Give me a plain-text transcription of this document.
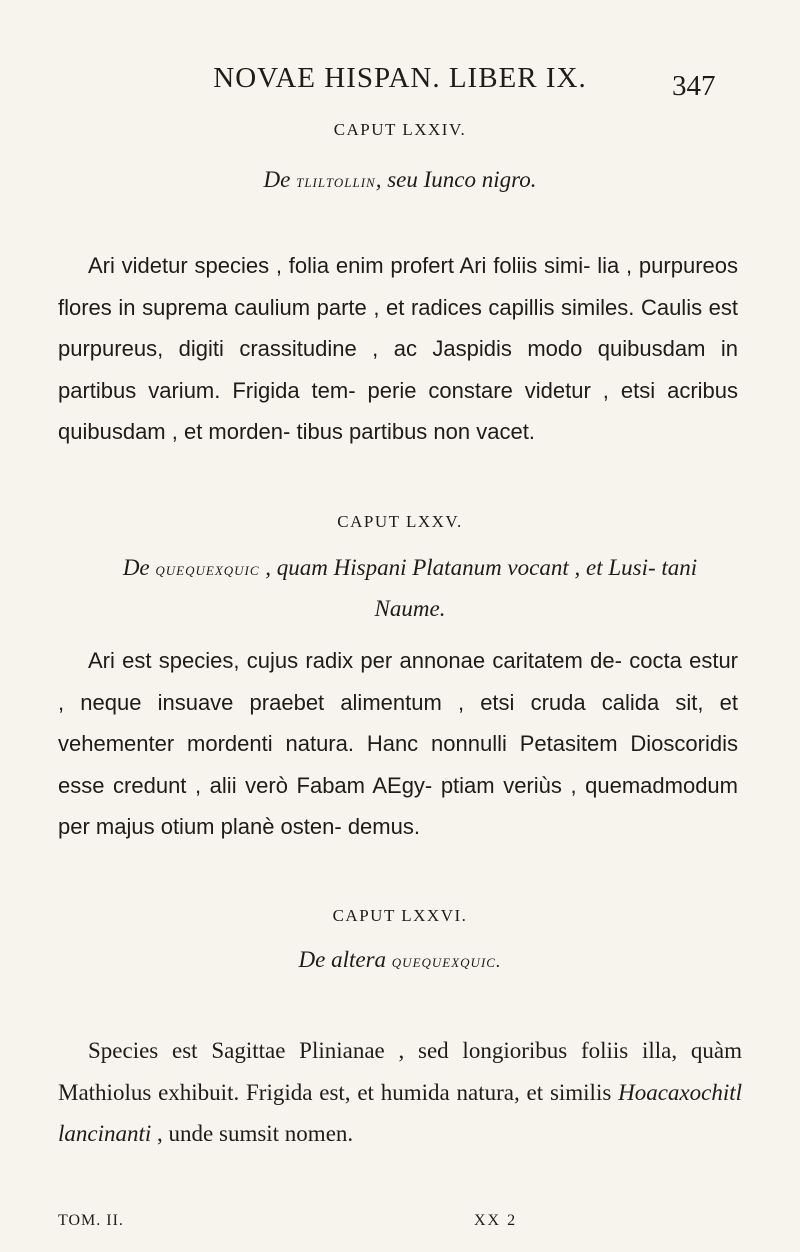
NOVAE HISPAN. LIBER IX.	347
CAPUT LXXIV.
De tliltollin, seu Iunco nigro.
Ari videtur species , folia enim profert Ari foliis simi- lia , purpureos flores in suprema caulium parte , et radices capillis similes. Caulis est purpureus, digiti crassitudine , ac Jaspidis modo quibusdam in partibus varium. Frigida tem- perie constare videtur , etsi acribus quibusdam , et morden- tibus partibus non vacet.
CAPUT LXXV.
De quequexquic , quam Hispani Platanum vocant , et Lusi- tani Naume.
Ari est species, cujus radix per annonae caritatem de- cocta estur , neque insuave praebet alimentum , etsi cruda calida sit, et vehementer mordenti natura. Hanc nonnulli Petasitem Dioscoridis esse credunt , alii verò Fabam AEgy- ptiam veriùs , quemadmodum per majus otium planè osten- demus.
CAPUT LXXVI.
De altera quequexquic.
Species est Sagittae Plinianae , sed longioribus foliis illa, quàm Mathiolus exhibuit. Frigida est, et humida natura, et similis Hoacaxochitl lancinanti , unde sumsit nomen.
TOM. II.	XX 2
